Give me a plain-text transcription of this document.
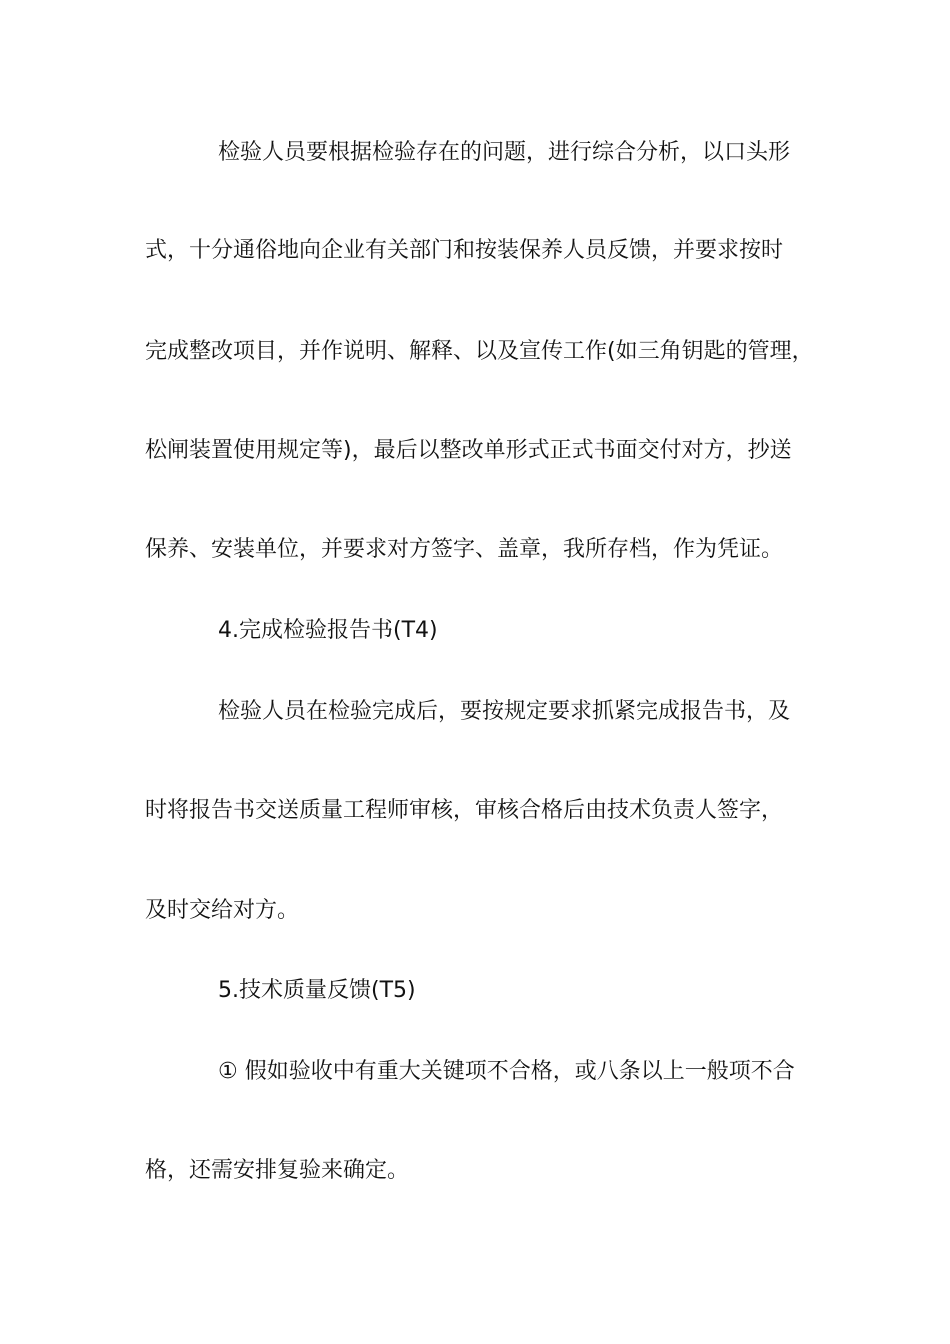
检验人员要根据检验存在的问题，进行综合分析，以口头形
式，十分通俗地向企业有关部门和按装保养人员反馈，并要求按时
完成整改项目，并作说明、解释、以及宣传工作(如三角钥匙的管理，
松闸装置使用规定等)，最后以整改单形式正式书面交付对方，抄送
保养、安装单位，并要求对方签字、盖章，我所存档，作为凭证。
4.完成检验报告书(T4)
检验人员在检验完成后，要按规定要求抓紧完成报告书，及
时将报告书交送质量工程师审核，审核合格后由技术负责人签字，
及时交给对方。
5.技术质量反馈(T5)
① 假如验收中有重大关键项不合格，或八条以上一般项不合
格，还需安排复验来确定。
